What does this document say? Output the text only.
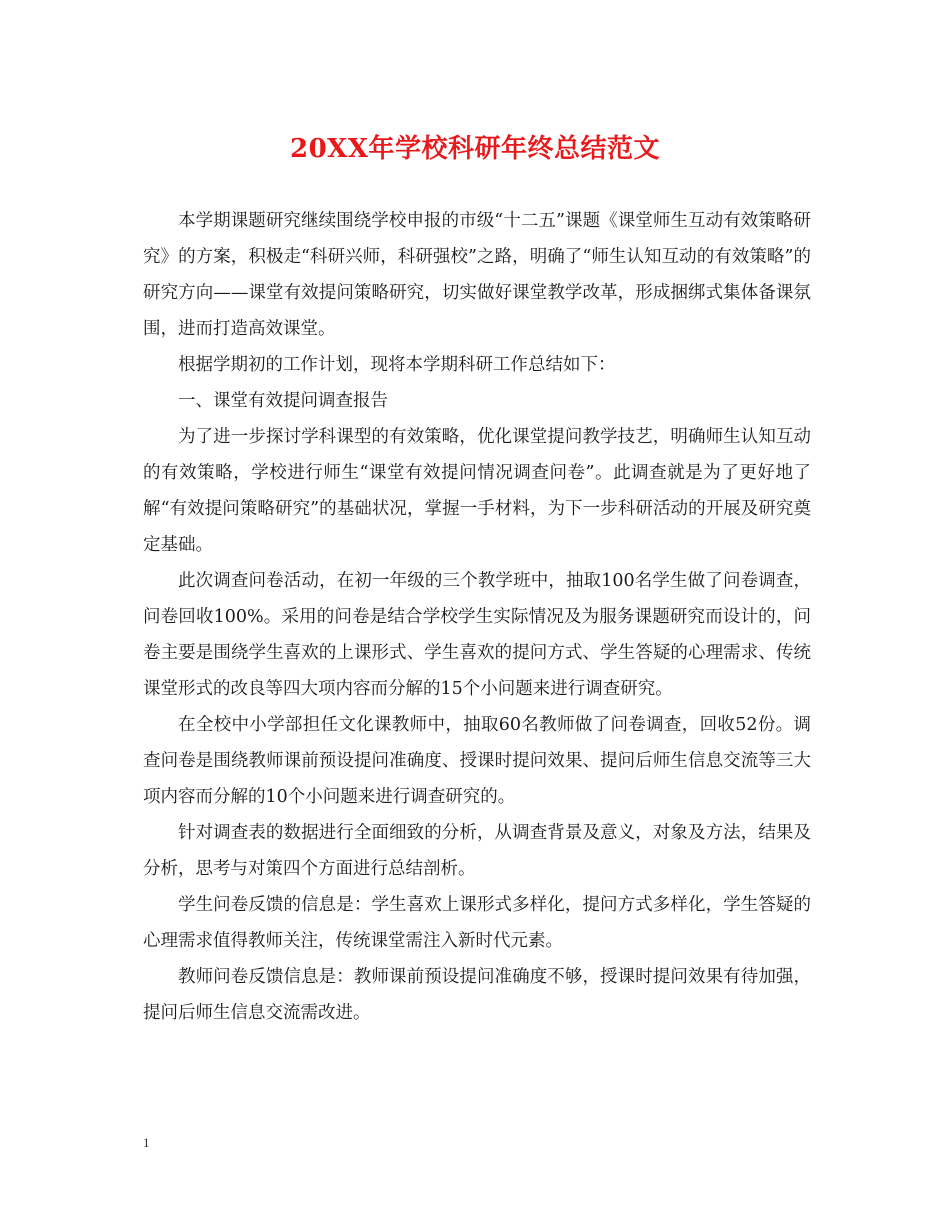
20XX年学校科研年终总结范文

本学期课题研究继续围绕学校申报的市级“十二五”课题《课堂师生互动有效策略研究》的方案，积极走“科研兴师，科研强校”之路，明确了“师生认知互动的有效策略”的研究方向——课堂有效提问策略研究，切实做好课堂教学改革，形成捆绑式集体备课氛围，进而打造高效课堂。

根据学期初的工作计划，现将本学期科研工作总结如下：

一、课堂有效提问调查报告

为了进一步探讨学科课型的有效策略，优化课堂提问教学技艺，明确师生认知互动的有效策略，学校进行师生“课堂有效提问情况调查问卷”。此调查就是为了更好地了解“有效提问策略研究”的基础状况，掌握一手材料，为下一步科研活动的开展及研究奠定基础。

此次调查问卷活动，在初一年级的三个教学班中，抽取100名学生做了问卷调查，问卷回收100%。采用的问卷是结合学校学生实际情况及为服务课题研究而设计的，问卷主要是围绕学生喜欢的上课形式、学生喜欢的提问方式、学生答疑的心理需求、传统课堂形式的改良等四大项内容而分解的15个小问题来进行调查研究。

在全校中小学部担任文化课教师中，抽取60名教师做了问卷调查，回收52份。调查问卷是围绕教师课前预设提问准确度、授课时提问效果、提问后师生信息交流等三大项内容而分解的10个小问题来进行调查研究的。

针对调查表的数据进行全面细致的分析，从调查背景及意义，对象及方法，结果及分析，思考与对策四个方面进行总结剖析。

学生问卷反馈的信息是：学生喜欢上课形式多样化，提问方式多样化，学生答疑的心理需求值得教师关注，传统课堂需注入新时代元素。

教师问卷反馈信息是：教师课前预设提问准确度不够，授课时提问效果有待加强，提问后师生信息交流需改进。

1
